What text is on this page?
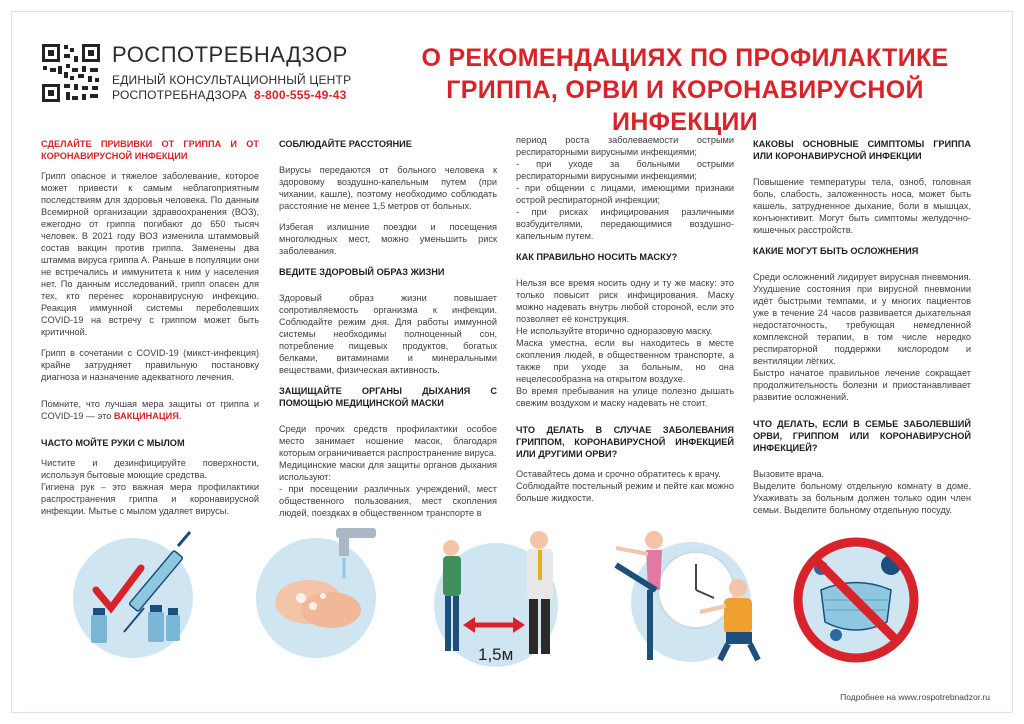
РОСПОТРЕБНАДЗОР
ЕДИНЫЙ КОНСУЛЬТАЦИОННЫЙ ЦЕНТР
РОСПОТРЕБНАДЗОРА 8-800-555-49-43
О РЕКОМЕНДАЦИЯХ ПО ПРОФИЛАКТИКЕ
ГРИППА, ОРВИ И КОРОНАВИРУСНОЙ ИНФЕКЦИИ

СДЕЛАЙТЕ ПРИВИВКИ ОТ ГРИППА И ОТ КОРОНАВИРУСНОЙ ИНФЕКЦИИ

Грипп опасное и тяжелое заболевание, которое может привести к самым неблагоприятным последствиям для здоровья человека. По данным Всемирной организации здравоохранения (ВОЗ), ежегодно от гриппа погибают до 650 тысяч человек. В 2021 году ВОЗ изменила штаммовый состав вакцин против гриппа. Заменены два штамма вируса гриппа А. Раньше в популяции они не встречались и иммунитета к ним у населения нет. По данным исследований, грипп опасен для тех, кто перенес коронавирусную инфекцию. Реакция иммунной системы переболевших COVID-19 на встречу с гриппом может быть критичной.

Грипп в сочетании с COVID-19 (микст-инфекция) крайне затрудняет правильную постановку диагноза и назначение адекватного лечения.

Помните, что лучшая мера защиты от гриппа и COVID-19 — это ВАКЦИНАЦИЯ.

ЧАСТО МОЙТЕ РУКИ С МЫЛОМ

Чистите и дезинфицируйте поверхности, используя бытовые моющие средства.

Гигиена рук – это важная мера профилактики распространения гриппа и коронавирусной инфекции. Мытье с мылом удаляет вирусы.

СОБЛЮДАЙТЕ РАССТОЯНИЕ

Вирусы передаются от больного человека к здоровому воздушно-капельным путем (при чихании, кашле), поэтому необходимо соблюдать расстояние не менее 1,5 метров от больных.

Избегая излишние поездки и посещения многолюдных мест, можно уменьшить риск заболевания.

ВЕДИТЕ ЗДОРОВЫЙ ОБРАЗ ЖИЗНИ

Здоровый образ жизни повышает сопротивляемость организма к инфекции. Соблюдайте режим дня. Для работы иммунной системы необходимы полноценный сон, потребление пищевых продуктов, богатых белками, витаминами и минеральными веществами, физическая активность.

ЗАЩИЩАЙТЕ ОРГАНЫ ДЫХАНИЯ С ПОМОЩЬЮ МЕДИЦИНСКОЙ МАСКИ

Среди прочих средств профилактики особое место занимает ношение масок, благодаря которым ограничивается распространение вируса.

Медицинские маски для защиты органов дыхания используют:

- при посещении различных учреждений, мест общественного пользования, мест скопления людей, поездках в общественном транспорте в

период роста заболеваемости острыми респираторными вирусными инфекциями;

- при уходе за больными острыми респираторными вирусными инфекциями;

- при общении с лицами, имеющими признаки острой респираторной инфекции;

- при рисках инфицирования различными возбудителями, передающимися воздушно-капельным путем.

КАК ПРАВИЛЬНО НОСИТЬ МАСКУ?

Нельзя все время носить одну и ту же маску: это только повысит риск инфицирования. Маску можно надевать внутрь любой стороной, если это позволяет её конструкция.

Не используйте вторично одноразовую маску.

Маска уместна, если вы находитесь в месте скопления людей, в общественном транспорте, а также при уходе за больным, но она нецелесообразна на открытом воздухе.

Во время пребывания на улице полезно дышать свежим воздухом и маску надевать не стоит.

ЧТО ДЕЛАТЬ В СЛУЧАЕ ЗАБОЛЕВАНИЯ ГРИППОМ, КОРОНАВИРУСНОЙ ИНФЕКЦИЕЙ ИЛИ ДРУГИМИ ОРВИ?

Оставайтесь дома и срочно обратитесь к врачу.

Соблюдайте постельный режим и пейте как можно больше жидкости.

КАКОВЫ ОСНОВНЫЕ СИМПТОМЫ ГРИППА ИЛИ КОРОНАВИРУСНОЙ ИНФЕКЦИИ

Повышение температуры тела, озноб, головная боль, слабость, заложенность носа, может быть кашель, затрудненное дыхание, боли в мышцах, конъюнктивит. Могут быть симптомы желудочно-кишечных расстройств.

КАКИЕ МОГУТ БЫТЬ ОСЛОЖНЕНИЯ

Среди осложнений лидирует вирусная пневмония. Ухудшение состояния при вирусной пневмонии идёт быстрыми темпами, и у многих пациентов уже в течение 24 часов развивается дыхательная недостаточность, требующая немедленной комплексной терапии, в том числе нередко респираторной поддержки кислородом и вентиляции лёгких.

Быстро начатое правильное лечение сокращает продолжительность болезни и приостанавливает развитие осложнений.

ЧТО ДЕЛАТЬ, ЕСЛИ В СЕМЬЕ ЗАБОЛЕВШИЙ ОРВИ, ГРИППОМ ИЛИ КОРОНАВИРУСНОЙ ИНФЕКЦИЕЙ?

Вызовите врача.

Выделите больному отдельную комнату в доме. Ухаживать за больным должен только один член семьи. Выделите больному отдельную посуду.

1,5м
Подробнее на www.rospotrebnadzor.ru
